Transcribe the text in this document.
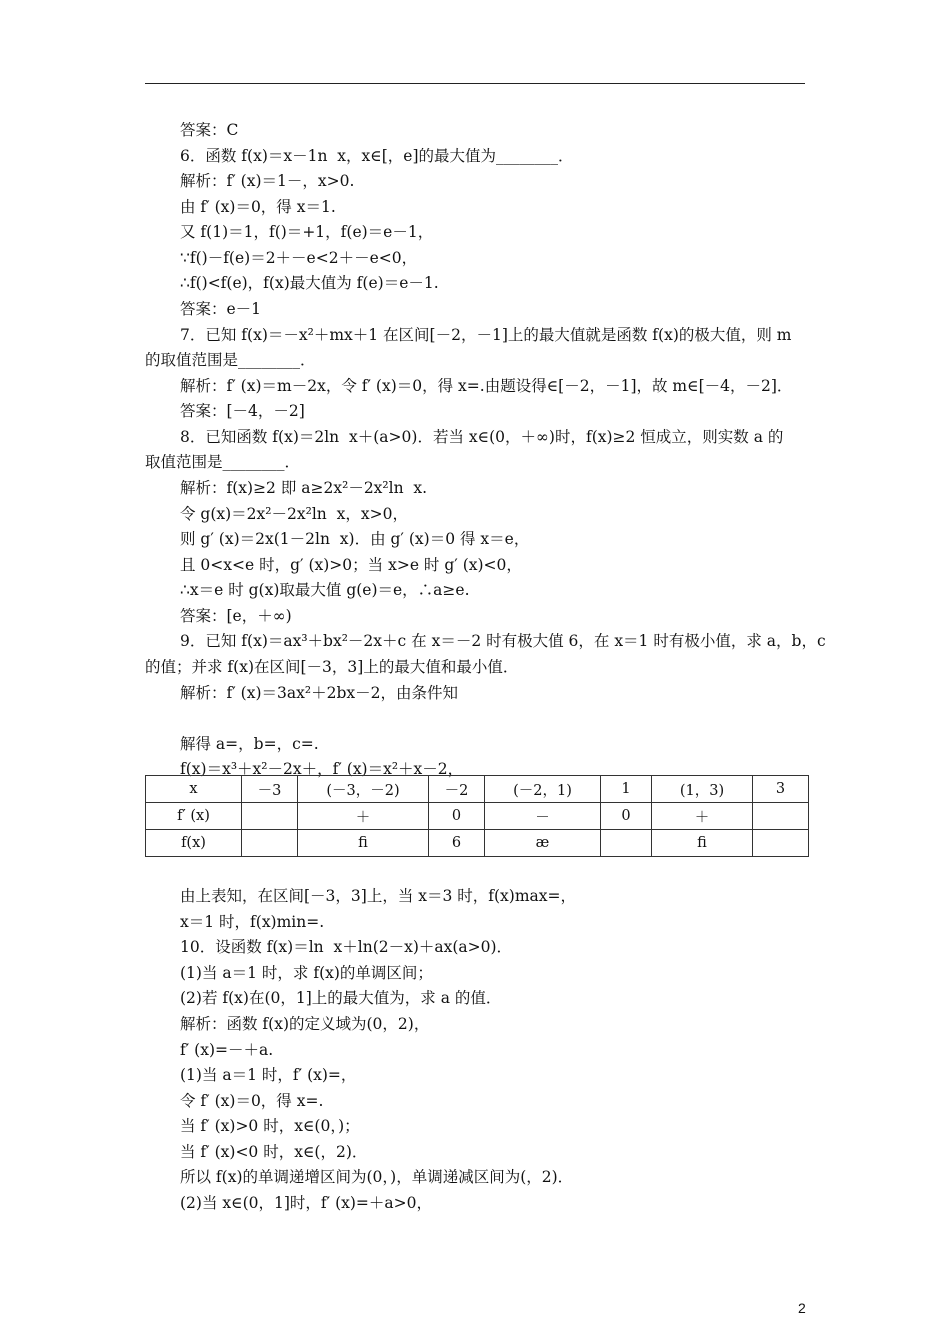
答案：C
6．函数 f(x)＝x－1n  x，x∈[，e]的最大值为________．
解析：f′ (x)＝1－，x>0.
由 f′ (x)＝0，得 x＝1.
又 f(1)＝1，f()＝+1，f(e)＝e－1，
∵f()－f(e)＝2＋－e<2＋－e<0，
∴f()<f(e)，f(x)最大值为 f(e)＝e－1.
答案：e－1
7．已知 f(x)＝－x²＋mx＋1 在区间[－2，－1]上的最大值就是函数 f(x)的极大值，则 m
的取值范围是________．
解析：f′ (x)＝m－2x，令 f′ (x)＝0，得 x=.由题设得∈[－2，－1]，故 m∈[－4，－2]．
答案：[－4，－2]
8．已知函数 f(x)＝2ln  x＋(a>0)．若当 x∈(0，＋∞)时，f(x)≥2 恒成立，则实数 a 的
取值范围是________．
解析：f(x)≥2 即 a≥2x²－2x²ln  x.
令 g(x)＝2x²－2x²ln  x，x>0，
则 g′ (x)＝2x(1－2ln  x)．由 g′ (x)＝0 得 x＝e，
且 0<x<e 时，g′ (x)>0；当 x>e 时 g′ (x)<0，
∴x＝e 时 g(x)取最大值 g(e)＝e，∴a≥e.
答案：[e，＋∞)
9．已知 f(x)＝ax³＋bx²－2x＋c 在 x＝－2 时有极大值 6，在 x＝1 时有极小值，求 a，b，c
的值；并求 f(x)在区间[－3，3]上的最大值和最小值．
解析：f′ (x)＝3ax²＋2bx－2，由条件知
解得 a=，b=，c=.
f(x)＝x³＋x²－2x＋，f′ (x)＝x²＋x－2，
由上表知，在区间[－3，3]上，当 x＝3 时，f(x)max=，
x＝1 时，f(x)min=.
10．设函数 f(x)＝ln  x＋ln(2－x)＋ax(a>0)．
(1)当 a＝1 时，求 f(x)的单调区间；
(2)若 f(x)在(0，1]上的最大值为，求 a 的值．
解析：函数 f(x)的定义域为(0，2)，
f′ (x)=－＋a.
(1)当 a＝1 时，f′ (x)=，
令 f′ (x)＝0，得 x=.
当 f′ (x)>0 时，x∈(0，)；
当 f′ (x)<0 时，x∈(，2)．
所以 f(x)的单调递增区间为(0，)，单调递减区间为(，2)．
(2)当 x∈(0，1]时，f′ (x)=＋a>0，
x	－3	(－3，－2)	－2	(－2，1)	1	(1，3)	3
f′ (x)		＋	0	－	0	＋	
f(x)		ﬁ	6	æ		ﬁ	
2
